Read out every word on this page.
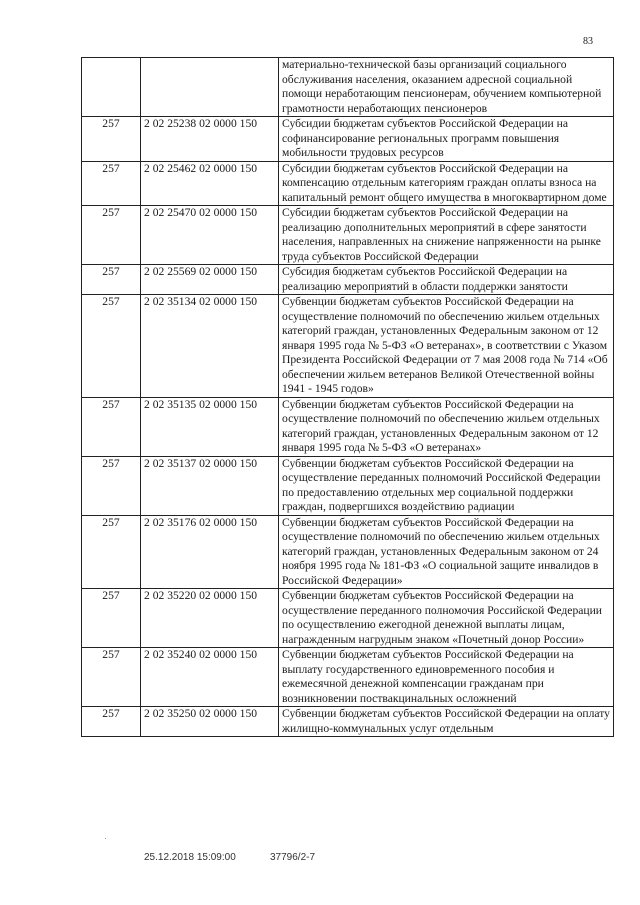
83
		материально-технической базы организаций социального обслуживания населения, оказанием адресной социальной помощи неработающим пенсионерам, обучением компьютерной грамотности неработающих пенсионеров
257	2 02 25238 02 0000 150	Субсидии бюджетам субъектов Российской Федерации на софинансирование региональных программ повышения мобильности трудовых ресурсов
257	2 02 25462 02 0000 150	Субсидии бюджетам субъектов Российской Федерации на компенсацию отдельным категориям граждан оплаты взноса на капитальный ремонт общего имущества в многоквартирном доме
257	2 02 25470 02 0000 150	Субсидии бюджетам субъектов Российской Федерации на реализацию дополнительных мероприятий в сфере занятости населения, направленных на снижение напряженности на рынке труда субъектов Российской Федерации
257	2 02 25569 02 0000 150	Субсидия бюджетам субъектов Российской Федерации на реализацию мероприятий в области поддержки занятости
257	2 02 35134 02 0000 150	Субвенции бюджетам субъектов Российской Федерации на осуществление полномочий по обеспечению жильем отдельных категорий граждан, установленных Федеральным законом от 12 января 1995 года № 5-ФЗ «О ветеранах», в соответствии с Указом Президента Российской Федерации от 7 мая 2008 года № 714 «Об обеспечении жильем ветеранов Великой Отечественной войны 1941 - 1945 годов»
257	2 02 35135 02 0000 150	Субвенции бюджетам субъектов Российской Федерации на осуществление полномочий по обеспечению жильем отдельных категорий граждан, установленных Федеральным законом от 12 января 1995 года № 5-ФЗ «О ветеранах»
257	2 02 35137 02 0000 150	Субвенции бюджетам субъектов Российской Федерации на осуществление переданных полномочий Российской Федерации по предоставлению отдельных мер социальной поддержки граждан, подвергшихся воздействию радиации
257	2 02 35176 02 0000 150	Субвенции бюджетам субъектов Российской Федерации на осуществление полномочий по обеспечению жильем отдельных категорий граждан, установленных Федеральным законом от 24 ноября 1995 года № 181-ФЗ «О социальной защите инвалидов в Российской Федерации»
257	2 02 35220 02 0000 150	Субвенции бюджетам субъектов Российской Федерации на осуществление переданного полномочия Российской Федерации по осуществлению ежегодной денежной выплаты лицам, награжденным нагрудным знаком «Почетный донор России»
257	2 02 35240 02 0000 150	Субвенции бюджетам субъектов Российской Федерации на выплату государственного единовременного пособия и ежемесячной денежной компенсации гражданам при возникновении поствакцинальных осложнений
257	2 02 35250 02 0000 150	Субвенции бюджетам субъектов Российской Федерации на оплату жилищно-коммунальных услуг отдельным
25.12.2018 15:09:00	37796/2-7
